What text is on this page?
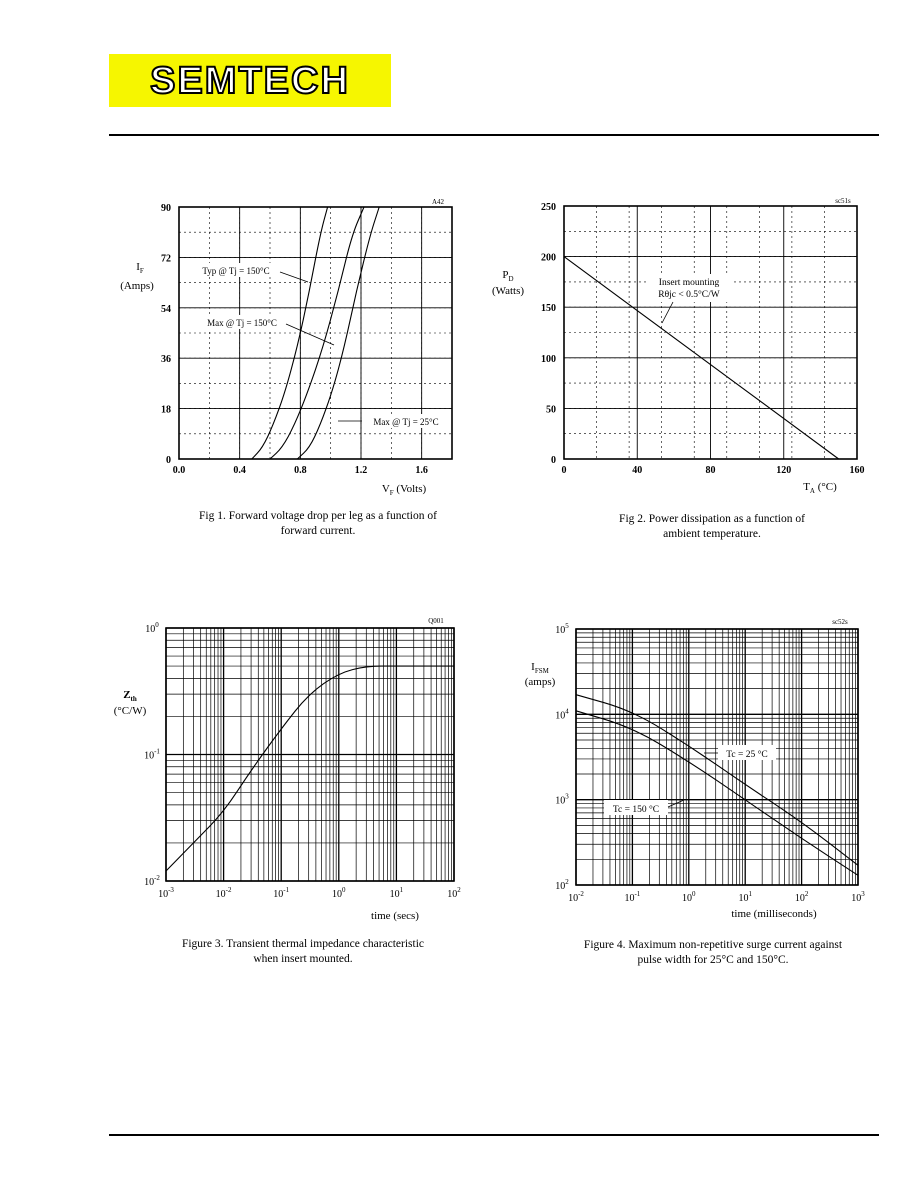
SEMTECH
0.0	0.4	0.8	1.2	1.6
0
18
36
54
72
90
A42
$I_F$
(Amps)
$V_F$ (Volts)
Typ @ Tj = 150°C
Max @ Tj = 150°C
Max @ Tj = 25°C
Fig 1. Forward voltage drop per leg as a function of
forward current.
0	40	80	120	160
0
50
100
150
200
250
sc51s
$P_D$
(Watts)
$T_A$ (°C)
Insert mounting
Rθjc < 0.5°C/W
Fig 2. Power dissipation as a function of
ambient temperature.
$10^{-3}$	$10^{-2}$	$10^{-1}$	$10^0$	$10^1$	$10^2$
$10^{-2}$
$10^{-1}$
$10^0$	Q001
$Z_{th}$
(°C/W)
time (secs)
Figure 3. Transient thermal impedance characteristic
when insert mounted.
$10^{-2}$	$10^{-1}$	$10^0$	$10^1$	$10^2$	$10^3$
$10^2$
$10^3$
$10^4$
$10^5$	sc52s
$I_{FSM}$
(amps)
time (milliseconds)
Tc = 25 °C
Tc = 150 °C
Figure 4. Maximum non-repetitive surge current against
pulse width for 25°C and 150°C.
